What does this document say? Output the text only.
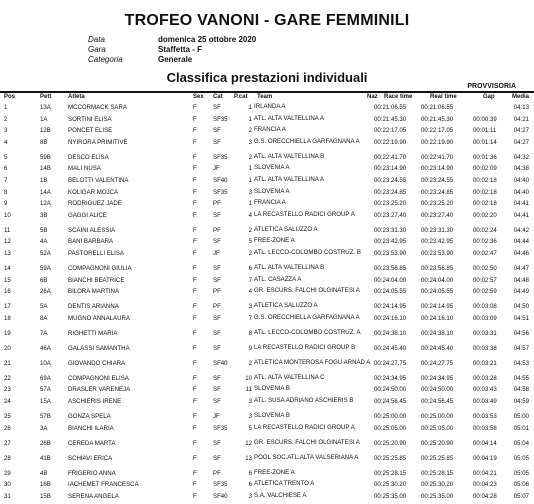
TROFEO VANONI - GARE FEMMINILI
Data	domenica 25 ottobre 2020
Gara	Staffetta - F
Categoria	Generale
Classifica prestazioni individuali
PROVVISORIA
Pos	Pett	Atleta	Sex Cat	P.cat	Team	Naz	Race time	Real time	Gap	Media
1	13A	MCCORMACK SARA	F	SF	1 IRLANDA A	00:21:06.55	00:21:06.55	04:13
2	1A	SORTINI ELISA	F	SF35	1 ATL. ALTA VALTELLINA A	00:21:45.30	00:21:45.30	00:00:39	04:21
3	12B	PONCET ELISE	F	SF	2 FRANCIA A	00:22:17.05	00:22:17.05	00:01:11	04:27
4	8B	NYIRORA PRIMITIVE	F	SF	3 G.S. ORECCHIELLA GARFAGNANA A	00:22:19.90	00:22:19.90	00:01:14	04:27
5	59B	DESCO ELISA	F	SF35	2 ATL. ALTA VALTELLINA B	00:22:41.70	00:22:41.70	00:01:36	04:32
6	14B	MALI NUSA	F	JF	1 SLOVENIA A	00:23:14.90	00:23:14.90	00:02:09	04:38
7	1B	BELOTTI VALENTINA	F	SF40	1 ATL. ALTA VALTELLINA A	00:23:24.55	00:23:24.55	00:02:18	04:40
8	14A	KOLIGAR MOJCA	F	SF35	3 SLOVENIA A	00:23:24.85	00:23:24.85	00:02:18	04:40
9	12A	RODRIGUEZ JADE	F	PF	1 FRANCIA A	00:23:25.20	00:23:25.20	00:02:18	04:41
10	3B	GAGGI ALICE	F	SF	4 LA RECASTELLO RADICI GROUP A	00:23:27.40	00:23:27.40	00:02:20	04:41
11	5B	SCAINI ALESSIA	F	PF	2 ATLETICA SALUZZO A	00:23:31.30	00:23:31.30	00:02:24	04:42
12	4A	BANI BARBARA	F	SF	5 FREE-ZONE A	00:23:42.95	00:23:42.95	00:02:36	04:44
13	52A	PASTORELLI ELISA	F	JF	2 ATL. LECCO-COLOMBO COSTRUZ. B	00:23:53.90	00:23:53.90	00:02:47	04:46
14	59A	COMPAGNONI GIULIA	F	SF	6 ATL. ALTA VALTELLINA B	00:23:56.85	00:23:56.85	00:02:50	04:47
15	6B	BIANCHI BEATRICE	F	SF	7 ATL. CASAZZA A	00:24:04.00	00:24:04.00	00:02:57	04:48
16	26A	BILORA MARTINA	F	PF	4 GR. ESCURS. FALCHI OLGINATESI A	00:24:05.55	00:24:05.55	00:02:59	04:49
17	5A	DENTIS ARIANNA	F	PF	3 ATLETICA SALUZZO A	00:24:14.95	00:24:14.95	00:03:08	04:50
18	8A	MUGNO ANNALAURA	F	SF	7 G.S. ORECCHIELLA GARFAGNANA A	00:24:16.10	00:24:16.10	00:03:09	04:51
19	7A	RIGHETTI MARIA	F	SF	8 ATL. LECCO-COLOMBO COSTRUZ. A	00:24:38.10	00:24:38.10	00:03:31	04:56
20	46A	GALASSI SAMANTHA	F	SF	9 LA RECASTELLO RADICI GROUP B	00:24:45.40	00:24:45.40	00:03:38	04:57
21	10A	GIOVANDO CHIARA	F	SF40	2 ATLETICA MONTEROSA FOGU ARNAD A 00:24:27.75	00:24:27.75	00:03:21	04:53
22	69A	COMPAGNONI ELISA	F	SF	10 ATL. ALTA VALTELLINA C	00:24:34.95	00:24:34.95	00:03:28	04:55
23	57A	DRASLER VARENEJA	F	SF	11 SLOVENIA B	00:24:50.00	00:24:50.00	00:03:43	04:58
24	15A	ASCHIERIS IRENE	F	SF	3 ATL. SUSA ADRIANO ASCHIERIS B	00:24:56.45	00:24:56.45	00:03:49	04:59
25	57B	GONZA SPELA	F	JF	3 SLOVENIA B	00:25:00.00	00:25:00.00	00:03:53	05:00
26	3A	BIANCHI ILARIA	F	SF35	5 LA RECASTELLO RADICI GROUP A	00:25:05.00	00:25:05.00	00:03:58	05:01
27	26B	CEREDA MARTA	F	SF	12 GR. ESCURS. FALCHI OLGINATESI A	00:25:20.90	00:25:20.90	00:04:14	05:04
28	41B	SCHIAVI ERICA	F	SF	13 POOL SOC.ATL.ALTA VALSERIANA A	00:25:25.85	00:25:25.85	00:04:19	05:05
29	4B	FRIGERIO ANNA	F	PF	6 FREE-ZONE A	00:25:28.15	00:25:28.15	00:04:21	05:05
30	16B	IACHEMET FRANCESCA	F	SF35	6 ATLETICA TRENTO A	00:25:30.20	00:25:30.20	00:04:23	05:06
31	15B	SERENA ANGELA	F	SF40	3 S.A. VALCHIESE A	00:25:35.00	00:25:35.00	00:04:28	05:07
